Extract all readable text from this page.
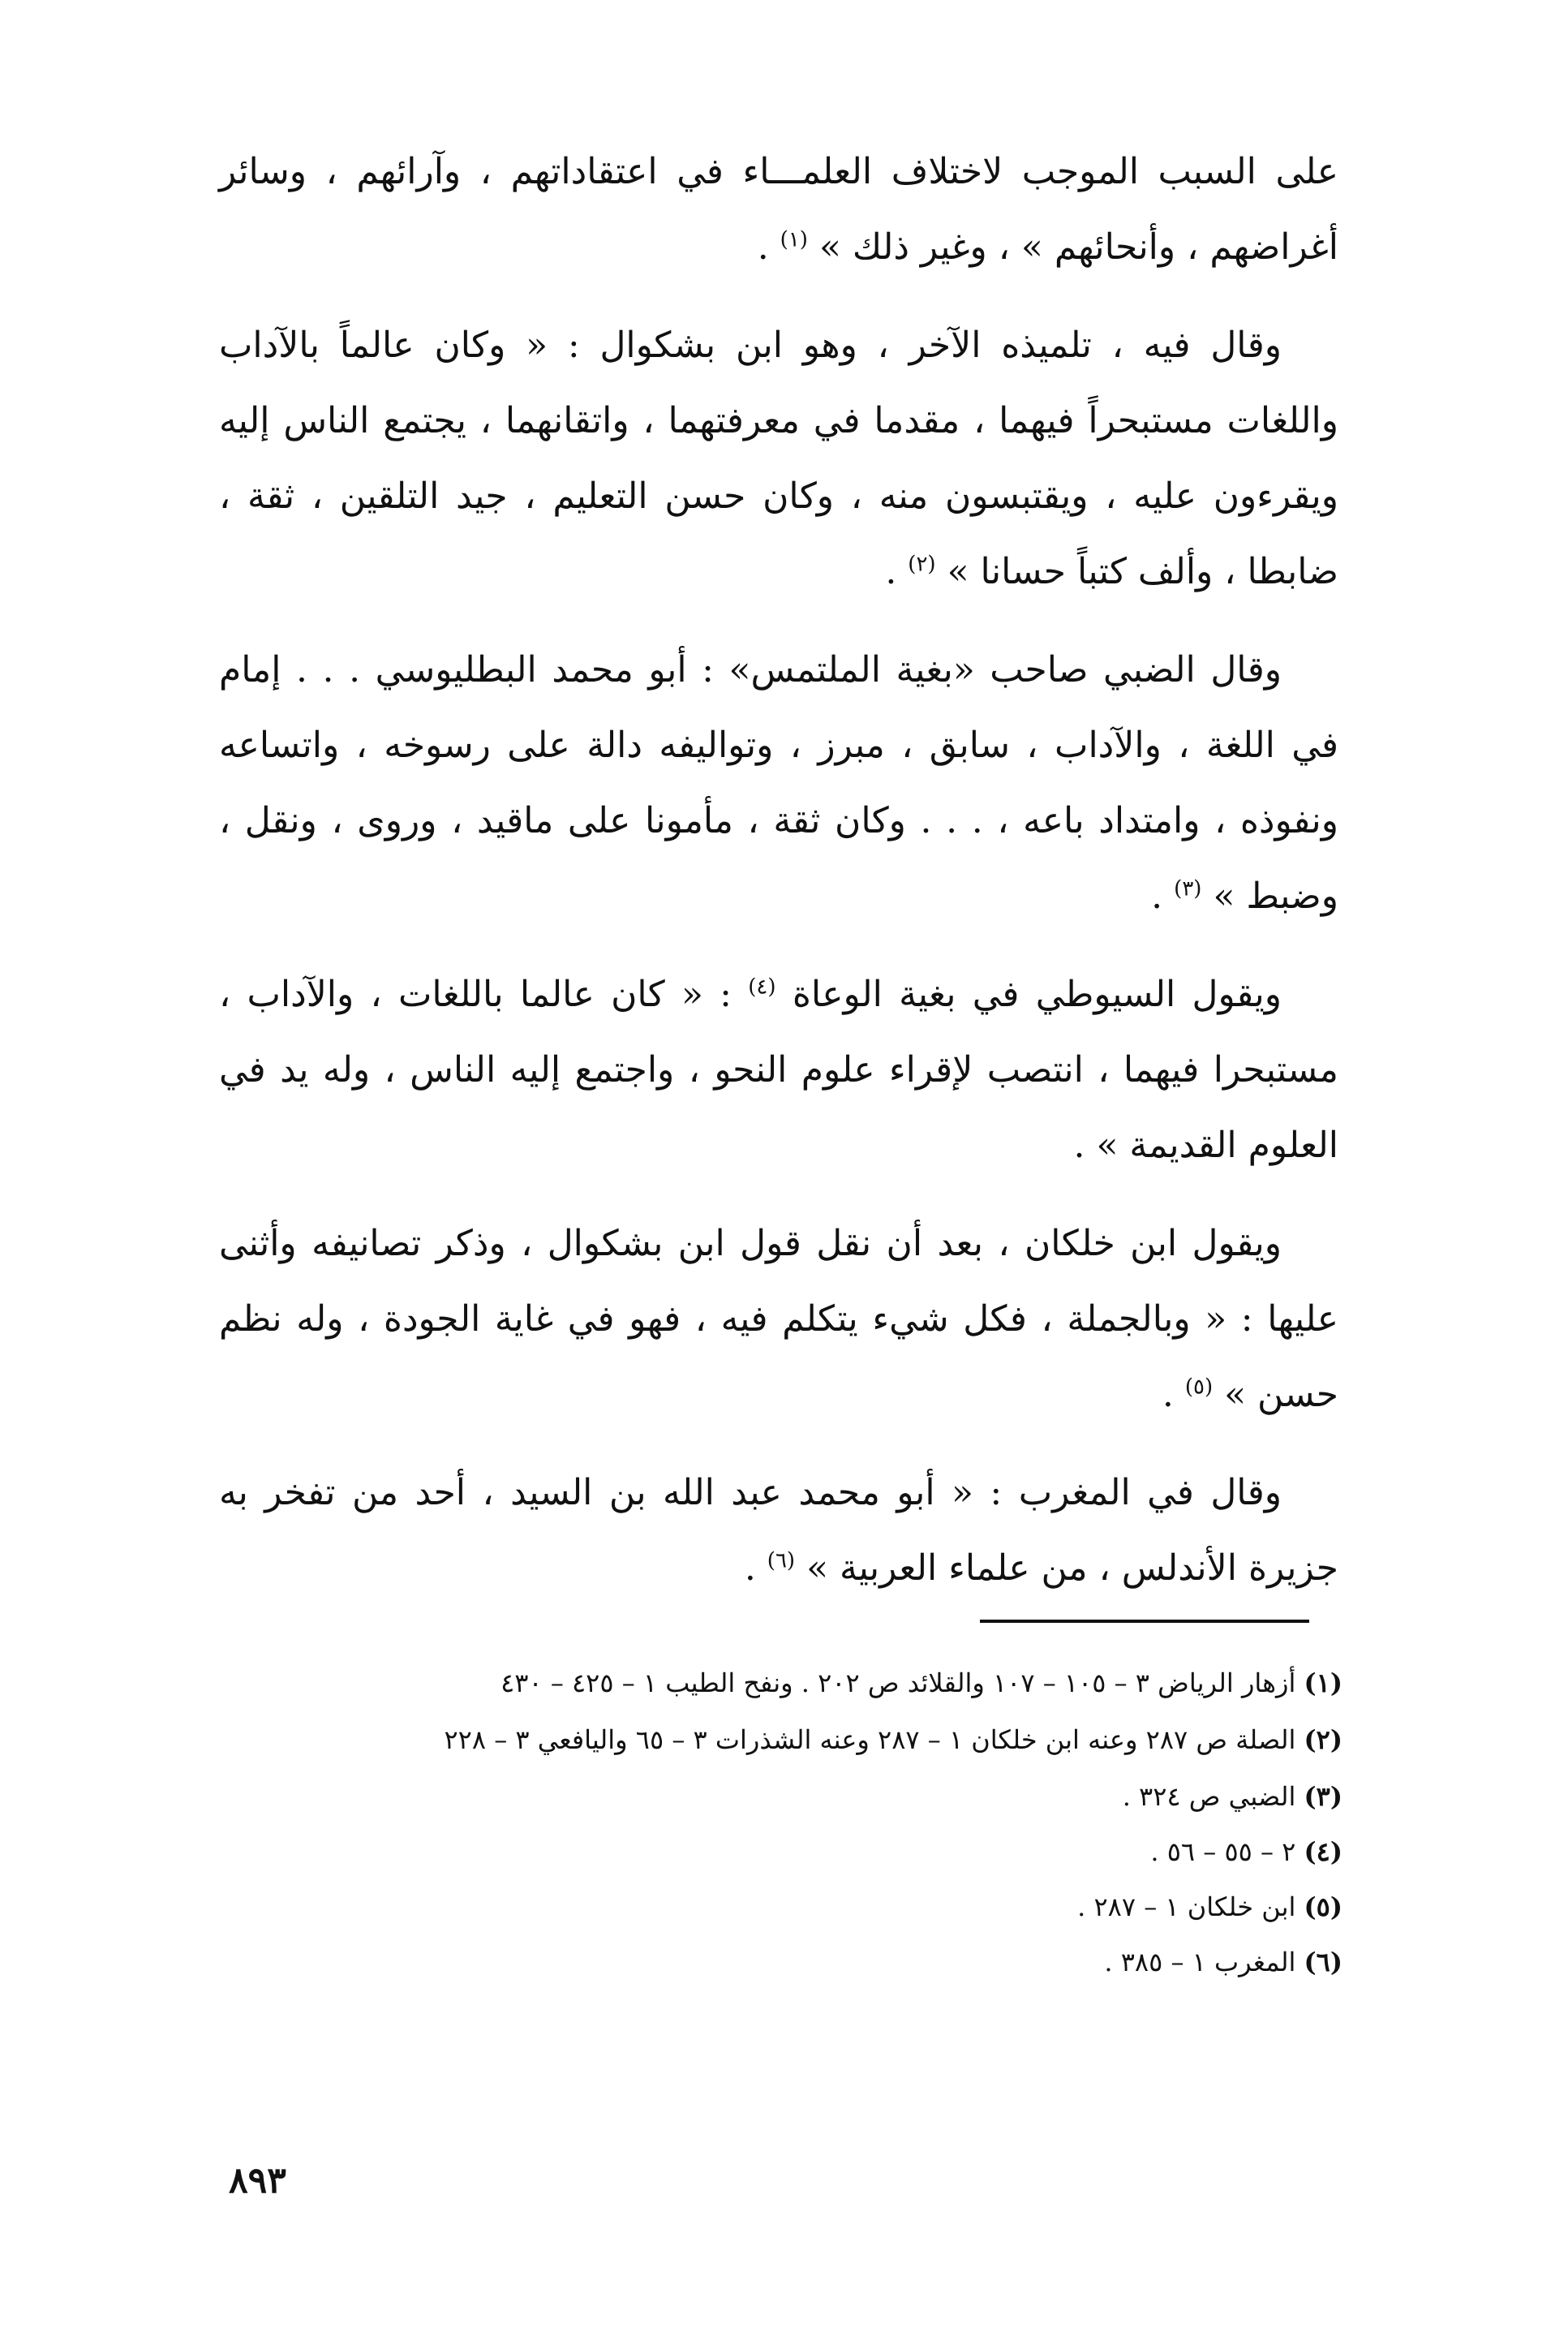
على السبب الموجب لاختلاف العلمـــاء في اعتقاداتهم ، وآرائهم ، وسائر أغراضهم ، وأنحائهم » ، وغير ذلك » $^{(١)}$ .

وقال فيه ، تلميذه الآخر ، وهو ابن بشكوال : « وكان عالماً بالآداب واللغات مستبحراً فيهما ، مقدما في معرفتهما ، واتقانهما ، يجتمع الناس إليه ويقرءون عليه ، ويقتبسون منه ، وكان حسن التعليم ، جيد التلقين ، ثقة ، ضابطا ، وألف كتباً حسانا » $^{(٢)}$ .

وقال الضبي صاحب «بغية الملتمس» : أبو محمد البطليوسي . . . إمام في اللغة ، والآداب ، سابق ، مبرز ، وتواليفه دالة على رسوخه ، واتساعه ونفوذه ، وامتداد باعه ، . . . وكان ثقة ، مأمونا على ماقيد ، وروى ، ونقل ، وضبط » $^{(٣)}$ .

ويقول السيوطي في بغية الوعاة $^{(٤)}$ : « كان عالما باللغات ، والآداب ، مستبحرا فيهما ، انتصب لإقراء علوم النحو ، واجتمع إليه الناس ، وله يد في العلوم القديمة » .

ويقول ابن خلكان ، بعد أن نقل قول ابن بشكوال ، وذكر تصانيفه وأثنى عليها : « وبالجملة ، فكل شيء يتكلم فيه ، فهو في غاية الجودة ، وله نظم حسن » $^{(٥)}$ .

وقال في المغرب : « أبو محمد عبد الله بن السيد ، أحد من تفخر به جزيرة الأندلس ، من علماء العربية » $^{(٦)}$ .

(١) أزهار الرياض ٣ – ١٠٥ – ١٠٧ والقلائد ص ٢٠٢ . ونفح الطيب ١ – ٤٢٥ – ٤٣٠

(٢) الصلة ص ٢٨٧ وعنه ابن خلكان ١ – ٢٨٧ وعنه الشذرات ٣ – ٦٥ واليافعي ٣ – ٢٢٨

(٣) الضبي ص ٣٢٤ .

(٤) ٢ – ٥٥ – ٥٦ .

(٥) ابن خلكان ١ – ٢٨٧ .

(٦) المغرب ١ – ٣٨٥ .

٨٩٣
